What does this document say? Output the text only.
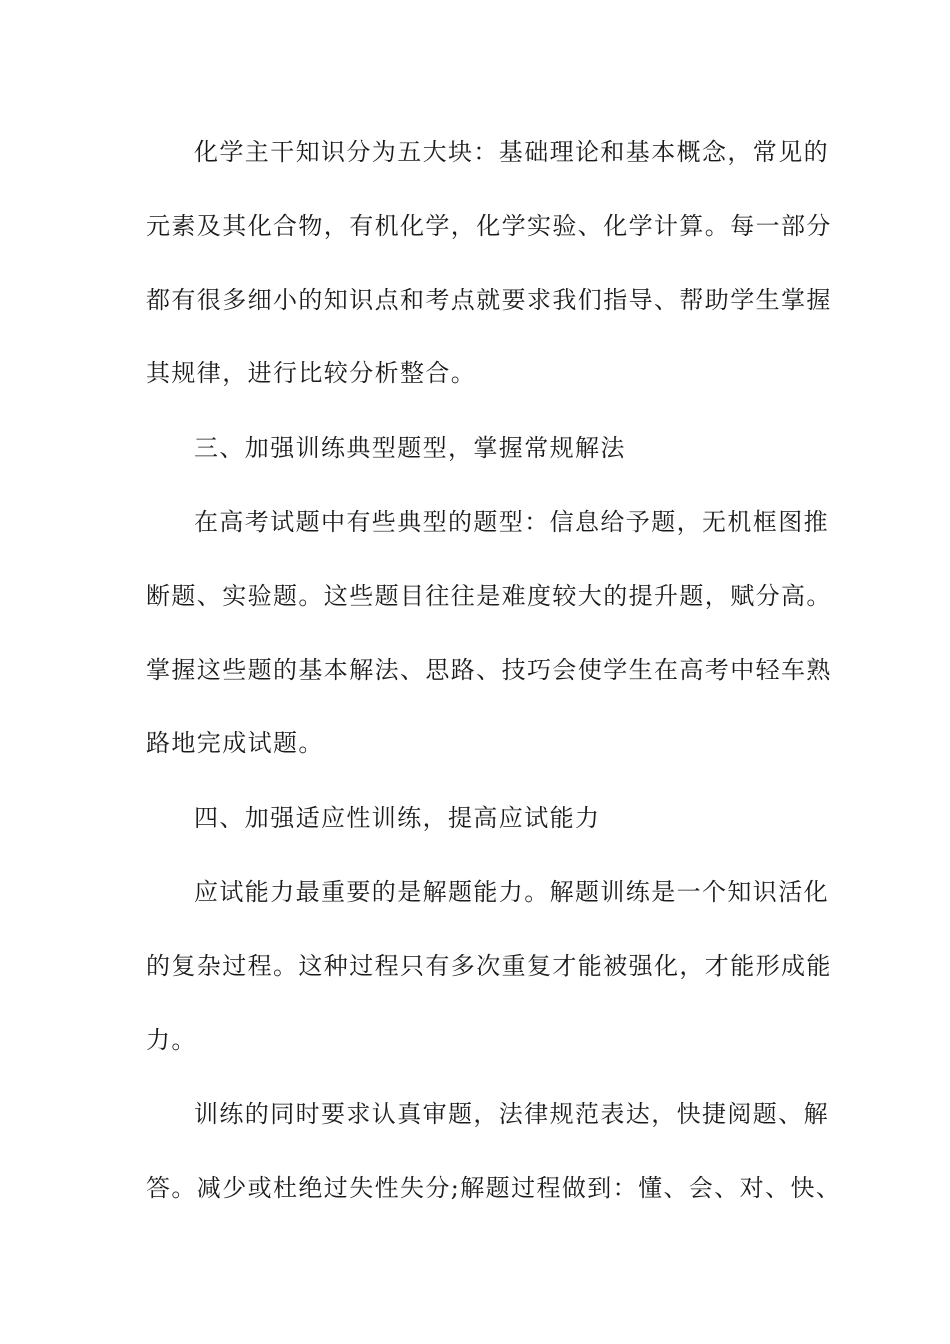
化学主干知识分为五大块：基础理论和基本概念，常见的
元素及其化合物，有机化学，化学实验、化学计算。每一部分
都有很多细小的知识点和考点就要求我们指导、帮助学生掌握
其规律，进行比较分析整合。
三、加强训练典型题型，掌握常规解法
在高考试题中有些典型的题型：信息给予题，无机框图推
断题、实验题。这些题目往往是难度较大的提升题，赋分高。
掌握这些题的基本解法、思路、技巧会使学生在高考中轻车熟
路地完成试题。
四、加强适应性训练，提高应试能力
应试能力最重要的是解题能力。解题训练是一个知识活化
的复杂过程。这种过程只有多次重复才能被强化，才能形成能
力。
训练的同时要求认真审题，法律规范表达，快捷阅题、解
答。减少或杜绝过失性失分;解题过程做到：懂、会、对、快、
